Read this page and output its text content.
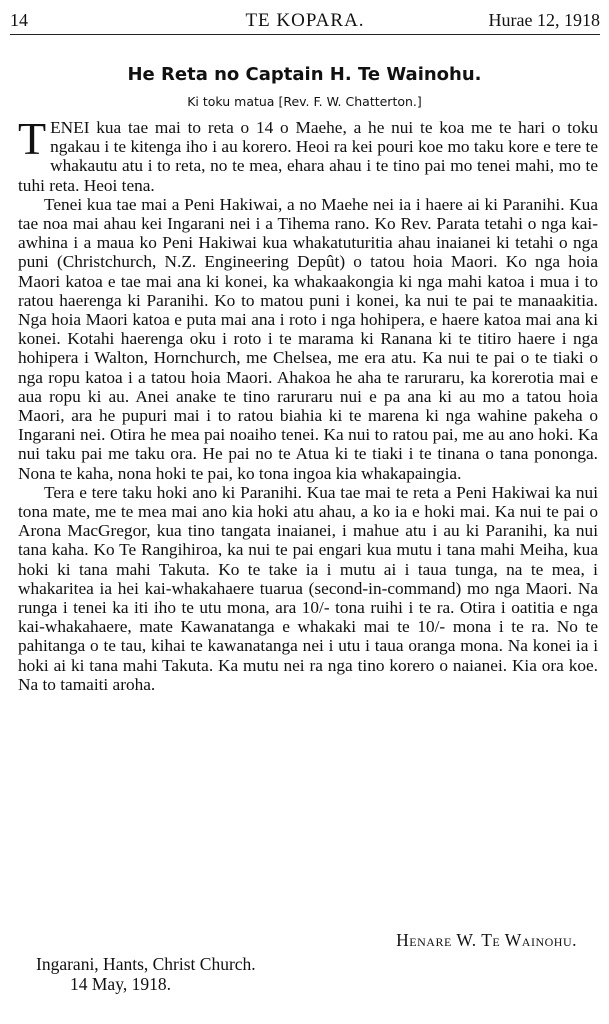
14	TE KOPARA.	Hurae 12, 1918
He Reta no Captain H. Te Wainohu.
Ki toku matua [Rev. F. W. Chatterton.]

TENEI kua tae mai to reta o 14 o Maehe, a he nui te koa me te hari o toku ngakau i te kitenga iho i au korero. Heoi ra kei pouri koe mo taku kore e tere te whakautu atu i to reta, no te mea, ehara ahau i te tino pai mo tenei mahi, mo te tuhi reta. Heoi tena.

Tenei kua tae mai a Peni Hakiwai, a no Maehe nei ia i haere ai ki Paranihi. Kua tae noa mai ahau kei Ingarani nei i a Tihema rano. Ko Rev. Parata tetahi o nga kai-awhina i a maua ko Peni Hakiwai kua whakatuturitia ahau inaianei ki tetahi o nga puni (Christchurch, N.Z. Engineering Depût) o tatou hoia Maori. Ko nga hoia Maori katoa e tae mai ana ki konei, ka whakaakongia ki nga mahi katoa i mua i to ratou haerenga ki Paranihi. Ko to matou puni i konei, ka nui te pai te manaakitia. Nga hoia Maori katoa e puta mai ana i roto i nga hohipera, e haere katoa mai ana ki konei. Kotahi haerenga oku i roto i te marama ki Ranana ki te titiro haere i nga hohipera i Walton, Hornchurch, me Chelsea, me era atu. Ka nui te pai o te tiaki o nga ropu katoa i a tatou hoia Maori. Ahakoa he aha te raruraru, ka korerotia mai e aua ropu ki au. Anei anake te tino raruraru nui e pa ana ki au mo a tatou hoia Maori, ara he pupuri mai i to ratou biahia ki te marena ki nga wahine pakeha o Ingarani nei. Otira he mea pai noaiho tenei. Ka nui to ratou pai, me au ano hoki. Ka nui taku pai me taku ora. He pai no te Atua ki te tiaki i te tinana o tana pononga. Nona te kaha, nona hoki te pai, ko tona ingoa kia whakapaingia.

Tera e tere taku hoki ano ki Paranihi. Kua tae mai te reta a Peni Hakiwai ka nui tona mate, me te mea mai ano kia hoki atu ahau, a ko ia e hoki mai. Ka nui te pai o Arona MacGregor, kua tino tangata inaianei, i mahue atu i au ki Paranihi, ka nui tana kaha. Ko Te Rangihiroa, ka nui te pai engari kua mutu i tana mahi Meiha, kua hoki ki tana mahi Takuta. Ko te take ia i mutu ai i taua tunga, na te mea, i whakaritea ia hei kai-whakahaere tuarua (second-in-command) mo nga Maori. Na runga i tenei ka iti iho te utu mona, ara 10/- tona ruihi i te ra. Otira i oatitia e nga kai-whakahaere, mate Kawanatanga e whakaki mai te 10/- mona i te ra. No te pahitanga o te tau, kihai te kawanatanga nei i utu i taua oranga mona. Na konei ia i hoki ai ki tana mahi Takuta. Ka mutu nei ra nga tino korero o naianei. Kia ora koe. Na to tamaiti aroha.

Henare W. Te Wainohu.
Ingarani, Hants, Christ Church.
14 May, 1918.
